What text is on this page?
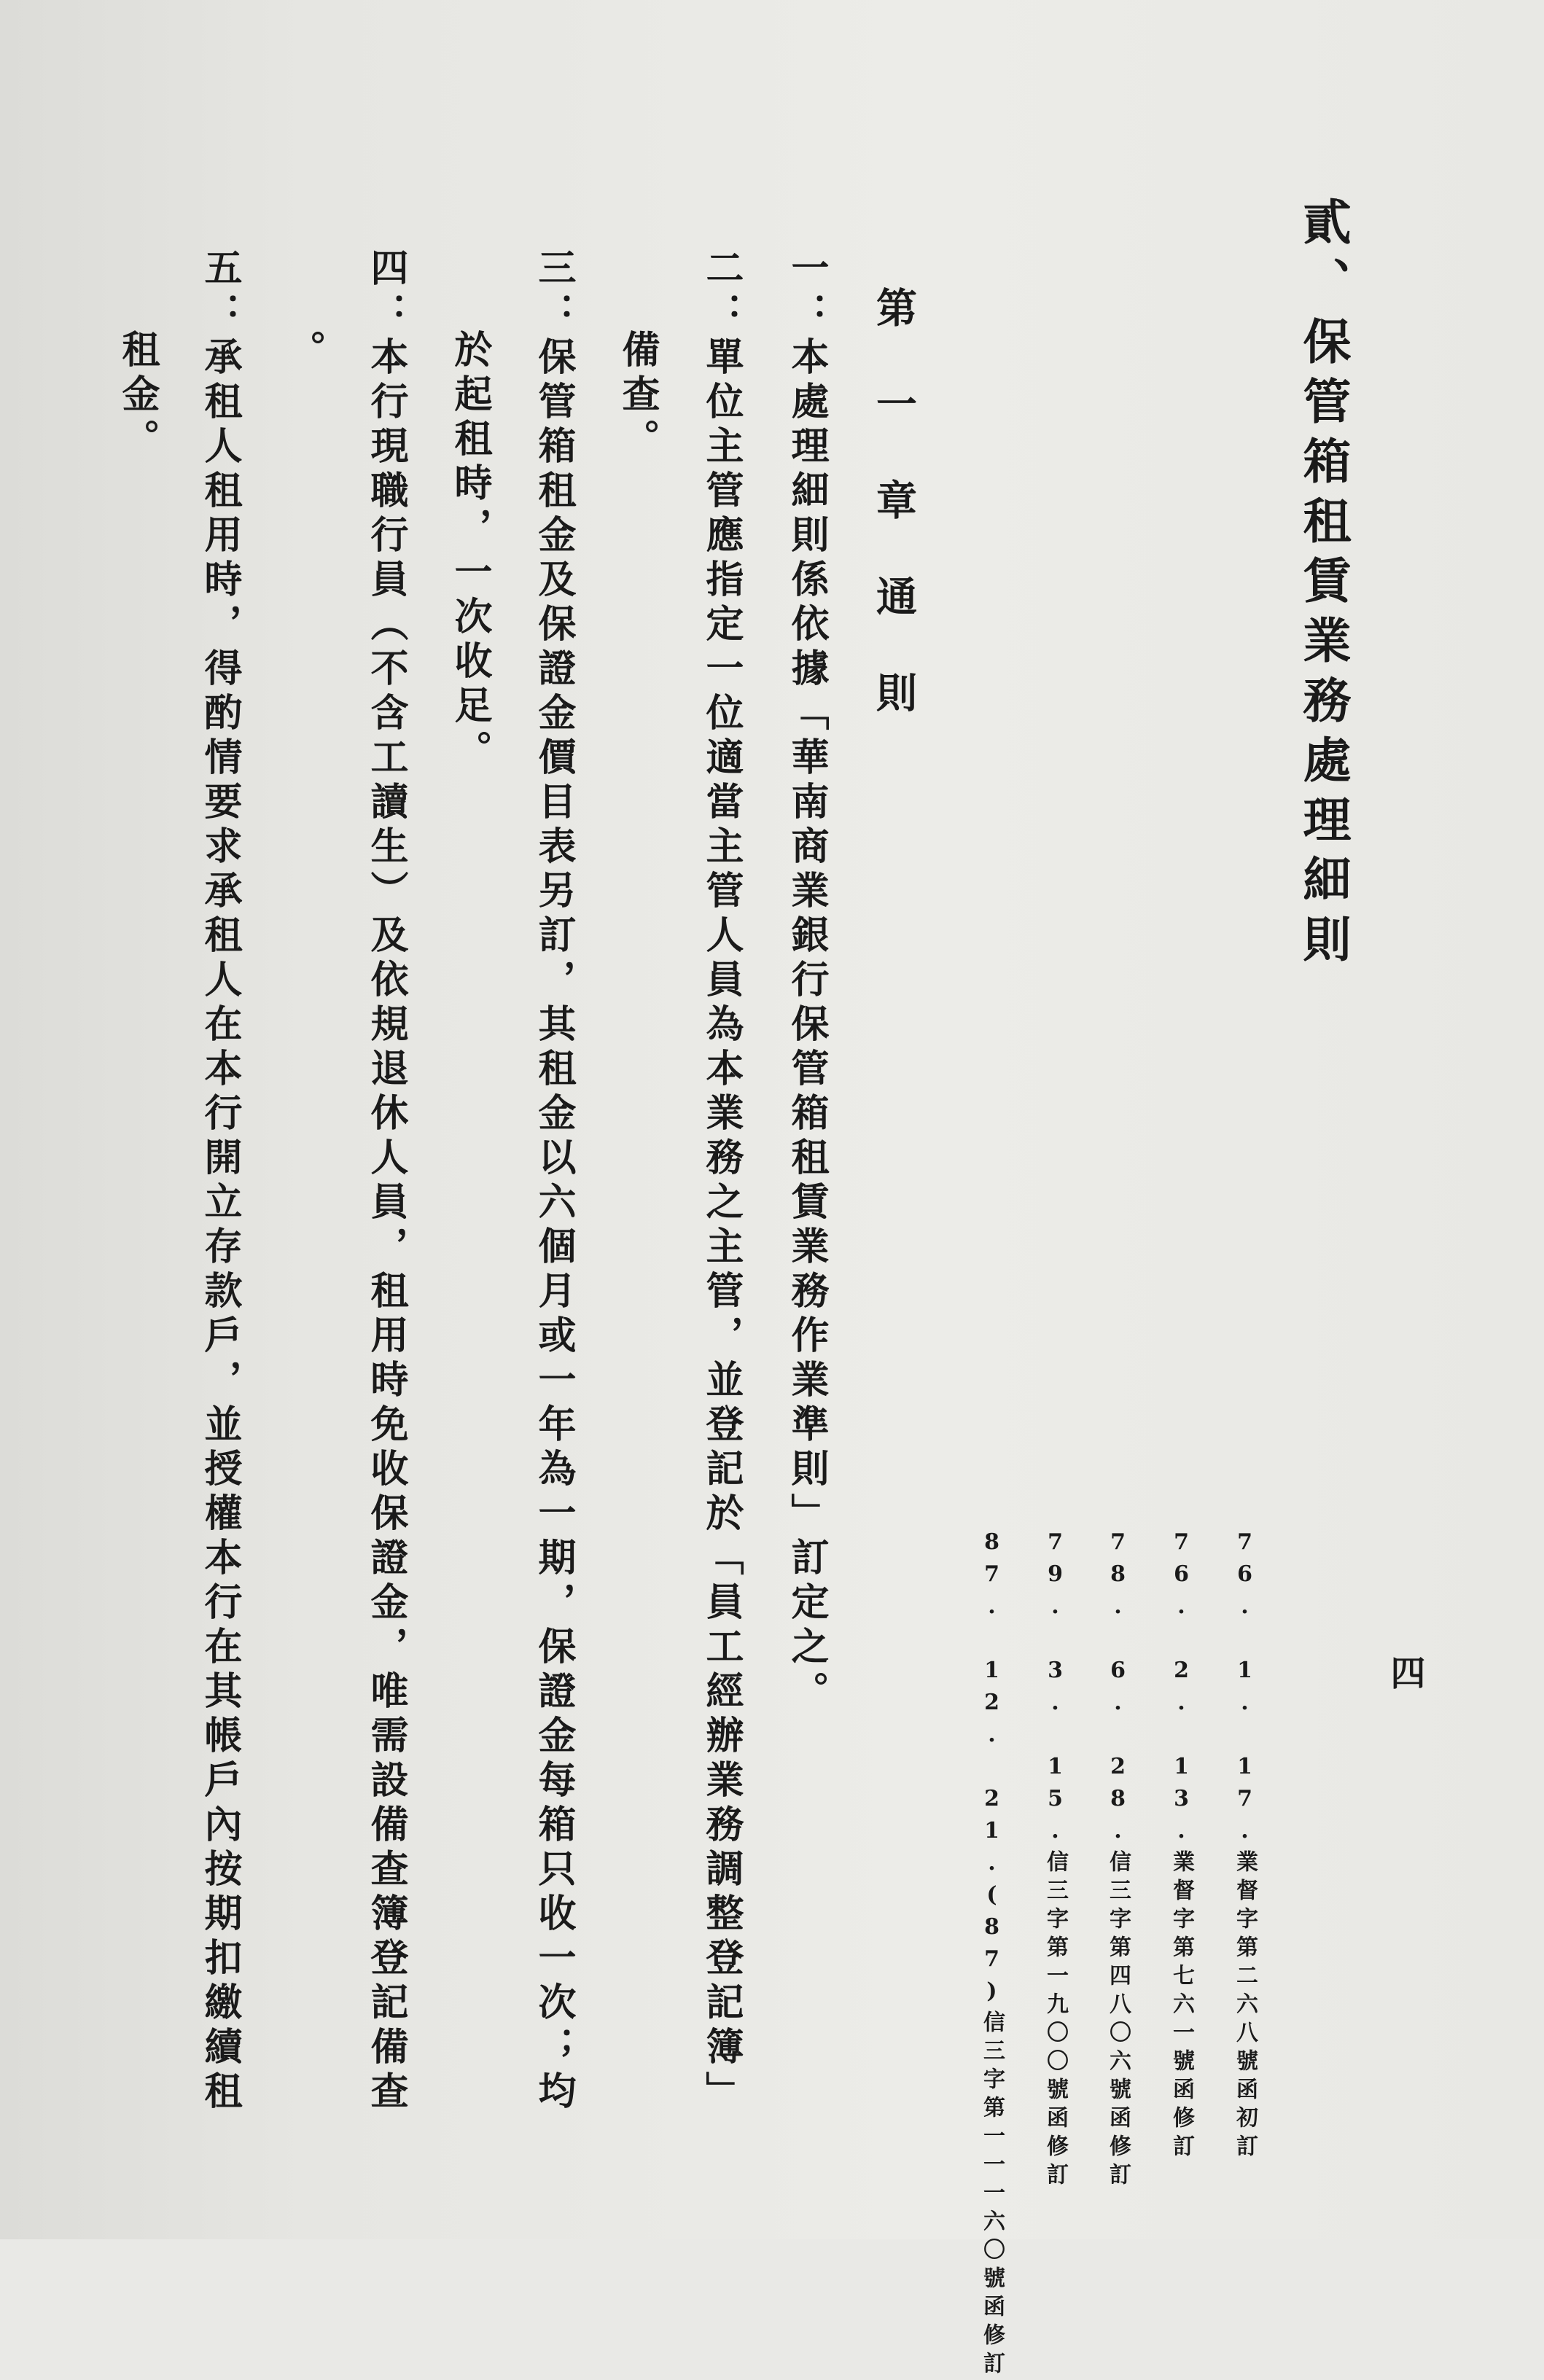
貳、保管箱租賃業務處理細則
四
76. 1. 17.業督字第二六八號函初訂
76. 2. 13.業督字第七六一號函修訂
78. 6. 28.信三字第四八〇六號函修訂
79. 3. 15.信三字第一九〇〇號函修訂
87. 12. 21.(87)信三字第一一一六〇號函修訂
第一章通則
一：本處理細則係依據「華南商業銀行保管箱租賃業務作業準則」訂定之。
二：單位主管應指定一位適當主管人員為本業務之主管，並登記於「員工經辦業務調整登記簿」
備查。
三：保管箱租金及保證金價目表另訂，其租金以六個月或一年為一期，保證金每箱只收一次；均
於起租時，一次收足。
四：本行現職行員（不含工讀生）及依規退休人員，租用時免收保證金，唯需設備查簿登記備查
。
五：承租人租用時，得酌情要求承租人在本行開立存款戶，並授權本行在其帳戶內按期扣繳續租
租金。
